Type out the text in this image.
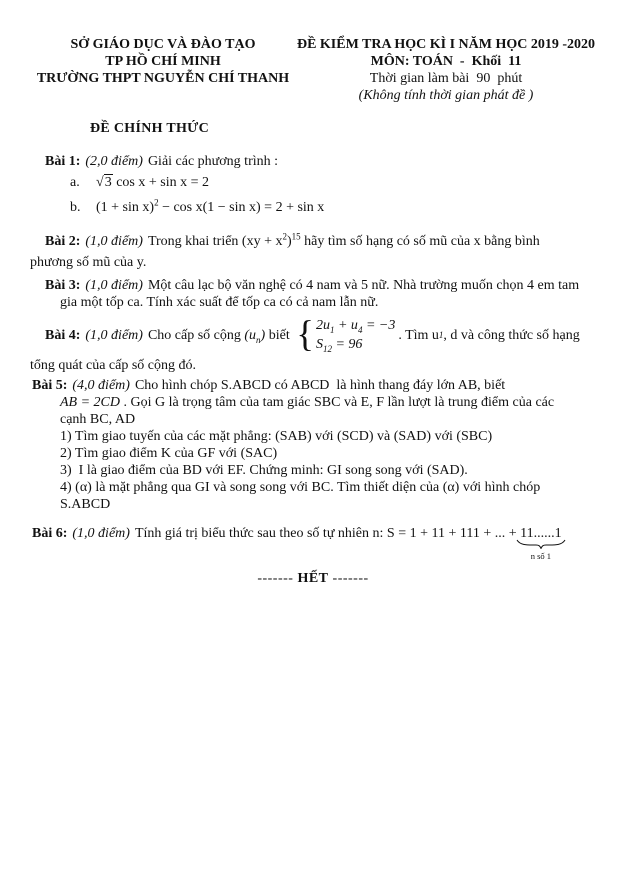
SỞ GIÁO DỤC VÀ ĐÀO TẠO
TP HỒ CHÍ MINH
TRƯỜNG THPT NGUYỄN CHÍ THANH
ĐỀ KIỂM TRA HỌC KÌ I NĂM HỌC 2019 -2020
MÔN: TOÁN  -  Khối  11
Thời gian làm bài  90  phút
(Không tính thời gian phát đề )
ĐỀ CHÍNH THỨC
Bài 1: (2,0 điểm) Giải các phương trình :
a. √3 cos x + sin x = 2
b. $(1 + \sin x)^2 - \cos x(1 - \sin x) = 2 + \sin x$
Bài 2: (1,0 điểm) Trong khai triển $(xy + x^2)^{15}$ hãy tìm số hạng có số mũ của x bằng bình
phương số mũ của y.
Bài 3: (1,0 điểm) Một câu lạc bộ văn nghệ có 4 nam và 5 nữ. Nhà trường muốn chọn 4 em tam
gia một tốp ca. Tính xác suất để tốp ca có cả nam lẫn nữ.
Bài 4: (1,0 điểm) Cho cấp số cộng $(u_n)$ biết { $2u_1 + u_4 = -3$
$S_{12} = 96$
. Tìm u 1 , d và công thức số hạng
tổng quát của cấp số cộng đó.
Bài 5: (4,0 điểm) Cho hình chóp S.ABCD có ABCD  là hình thang đáy lớn AB, biết
AB = 2CD . Gọi G là trọng tâm của tam giác SBC và E, F lần lượt là trung điểm của các
cạnh BC, AD
1) Tìm giao tuyến của các mặt phẳng: (SAB) với (SCD) và (SAD) với (SBC)
2) Tìm giao điểm K của GF với (SAC)
3)  I là giao điểm của BD với EF. Chứng minh: GI song song với (SAD).
4) (α) là mặt phẳng qua GI và song song với BC. Tìm thiết diện của (α) với hình chóp
S.ABCD
Bài 6: (1,0 điểm) Tính giá trị biểu thức sau theo số tự nhiên n: S = 1 + 11 + 111 + ... + 11......1
n số 1
------- HẾT -------
